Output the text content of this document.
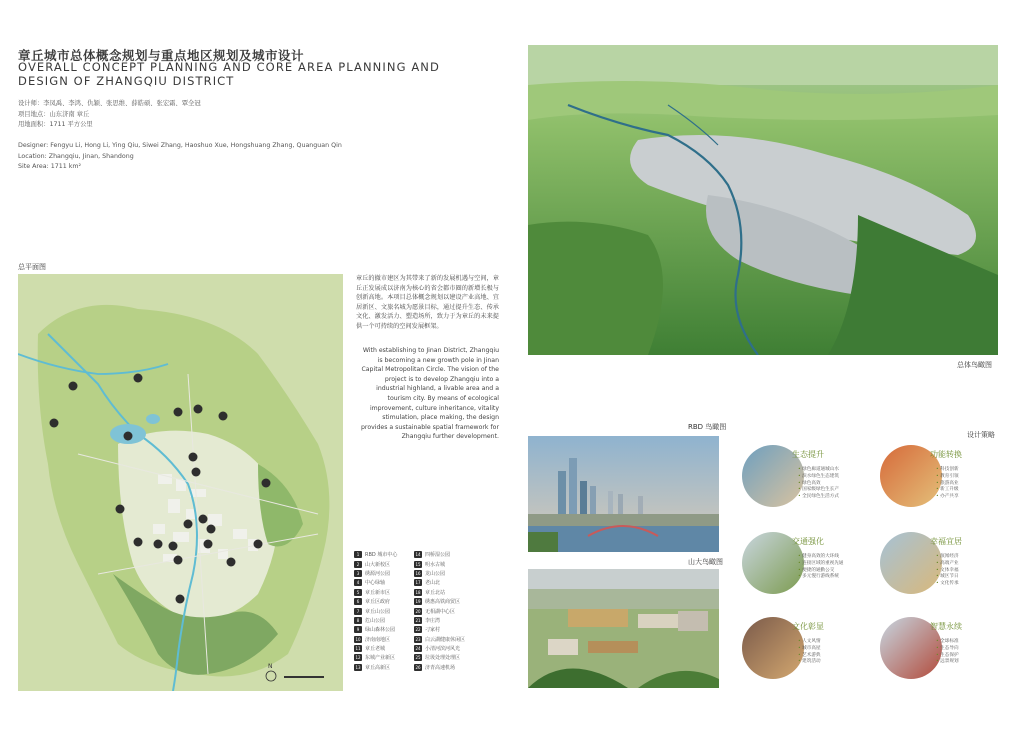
章丘城市总体概念规划与重点地区规划及城市设计
OVERALL CONCEPT PLANNING AND CORE AREA PLANNING AND DESIGN OF ZHANGQIU DISTRICT
设计师：李凤禹、李鸿、仇颖、张思维、薛皓硕、张宏霜、覃全冠
项目地点：山东济南 章丘
用地面积：1711 平方公里
Designer: Fengyu Li, Hong Li, Ying Qiu, Siwei Zhang, Haoshuo Xue, Hongshuang Zhang, Quanguan Qin
Location: Zhangqiu, Jinan, Shandong
Site Area: 1711 km²
总平面图
总体鸟瞰图
RBD 鸟瞰图
山大鸟瞰图
设计策略
N
章丘的撤市建区为其带来了新的发展机遇与空间，章丘正发展成以济南为核心的省会都市圈的新增长极与创新高地。本项目总体概念规划以建设产业高地、宜居新区、文旅名城为愿景目标，通过提升生态、传承文化、激发活力、塑造场所，致力于为章丘的未来提供一个可持续的空间发展框架。
With establishing to Jinan District, Zhangqiu is becoming a new growth pole in Jinan Capital Metropolitan Circle. The vision of the project is to develop Zhangqiu into a industrial highland, a livable area and a tourism city. By means of ecological improvement, culture inheritance, vitality stimulation, place making, the design provides a sustainable spatial framework for Zhangqiu further development.
1	RBD 城市中心
2	山大新校区
3	绣源河公园
4	中心绿轴
5	章丘新市区
6	章丘区政府
7	章丘山公园
8	危山公园
9	绿山森林公园
10 济南南地区
11 章丘老城
12 东城产业新区
13 章丘高新区
14 四桥湿公园
15 明水古城
16 龙山公园
17 老山北
18 章丘北站
19 绣惠高铁商贸区
20 无相湖中心区
21 李庄湾
22 刁家村
23 白云湖健康休闲区
24 小清河滨河风光
25 垃圾处理处理区
26 济青高速机场
生态提升
• 绿色廊道通城山水
• 滨水绿色生态建筑
• 绿色高效
• 国家级绿色生长产
• 全民绿色生活方式
功能转换
• 科技创新
• 教育引领
• 旅游高业
• 新工升级
• 办产共享
交通强化
• 健身高效的大环线
• 连接区域的重视先通
• 便捷的通勤公交
• 多元慢行游线系统
幸福宜居
• 演闻经济
• 高端产业
• 文体幸福
• 城区节日
• 文化传承
文化彰显
• 人文风情
• 城市高屋
• 艺术游典
• 建筑活动
智慧永续
• 全球标准
• 生态导向
• 生态保护
• 远景规划
